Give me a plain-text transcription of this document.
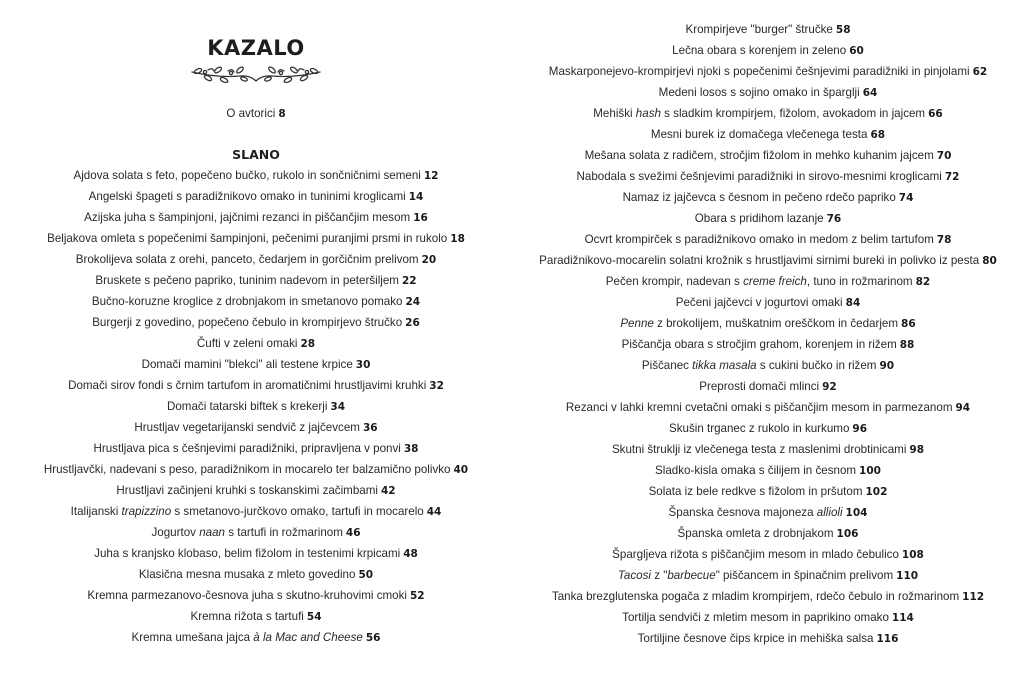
KAZALO
O avtorici 8
SLANO
Ajdova solata s feto, popečeno bučko, rukolo in sončničnimi semeni 12
Angelski špageti s paradižnikovo omako in tuninimi kroglicami 14
Azijska juha s šampinjoni, jajčnimi rezanci in piščančjim mesom 16
Beljakova omleta s popečenimi šampinjoni, pečenimi puranjimi prsmi in rukolo 18
Brokolijeva solata z orehi, panceto, čedarjem in gorčičnim prelivom 20
Bruskete s pečeno papriko, tuninim nadevom in peteršiljem 22
Bučno-koruzne kroglice z drobnjakom in smetanovo pomako 24
Burgerji z govedino, popečeno čebulo in krompirjevo štručko 26
Čufti v zeleni omaki 28
Domači mamini "blekci" ali testene krpice 30
Domači sirov fondi s črnim tartufom in aromatičnimi hrustljavimi kruhki 32
Domači tatarski biftek s krekerji 34
Hrustljav vegetarijanski sendvič z jajčevcem 36
Hrustljava pica s češnjevimi paradižniki, pripravljena v ponvi 38
Hrustljavčki, nadevani s peso, paradižnikom in mocarelo ter balzamično polivko 40
Hrustljavi začinjeni kruhki s toskanskimi začimbami 42
Italijanski trapizzino s smetanovo-jurčkovo omako, tartufi in mocarelo 44
Jogurtov naan s tartufi in rožmarinom 46
Juha s kranjsko klobaso, belim fižolom in testenimi krpicami 48
Klasična mesna musaka z mleto govedino 50
Kremna parmezanovo-česnova juha s skutno-kruhovimi cmoki 52
Kremna rižota s tartufi 54
Kremna umešana jajca à la Mac and Cheese 56
Krompirjeve "burger" štručke 58
Lečna obara s korenjem in zeleno 60
Maskarponejevo-krompirjevi njoki s popečenimi češnjevimi paradižniki in pinjolami 62
Medeni losos s sojino omako in šparglji 64
Mehiški hash s sladkim krompirjem, fižolom, avokadom in jajcem 66
Mesni burek iz domačega vlečenega testa 68
Mešana solata z radičem, stročjim fižolom in mehko kuhanim jajcem 70
Nabodala s svežimi češnjevimi paradižniki in sirovo-mesnimi kroglicami 72
Namaz iz jajčevca s česnom in pečeno rdečo papriko 74
Obara s pridihom lazanje 76
Ocvrt krompirček s paradižnikovo omako in medom z belim tartufom 78
Paradižnikovo-mocarelin solatni krožnik s hrustljavimi sirnimi bureki in polivko iz pesta 80
Pečen krompir, nadevan s creme freich, tuno in rožmarinom 82
Pečeni jajčevci v jogurtovi omaki 84
Penne z brokolijem, muškatnim oreščkom in čedarjem 86
Piščančja obara s stročjim grahom, korenjem in rižem 88
Piščanec tikka masala s cukini bučko in rižem 90
Preprosti domači mlinci 92
Rezanci v lahki kremni cvetačni omaki s piščančjim mesom in parmezanom 94
Skušin trganec z rukolo in kurkumo 96
Skutni štruklji iz vlečenega testa z maslenimi drobtinicami 98
Sladko-kisla omaka s čilijem in česnom 100
Solata iz bele redkve s fižolom in pršutom 102
Španska česnova majoneza allioli 104
Španska omleta z drobnjakom 106
Šparglјeva rižota s piščančjim mesom in mlado čebulico 108
Tacosi z "barbecue" piščancem in špinačnim prelivom 110
Tanka brezglutenska pogača z mladim krompirjem, rdečo čebulo in rožmarinom 112
Tortilja sendviči z mletim mesom in paprikino omako 114
Tortiljine česnove čips krpice in mehiška salsa 116
